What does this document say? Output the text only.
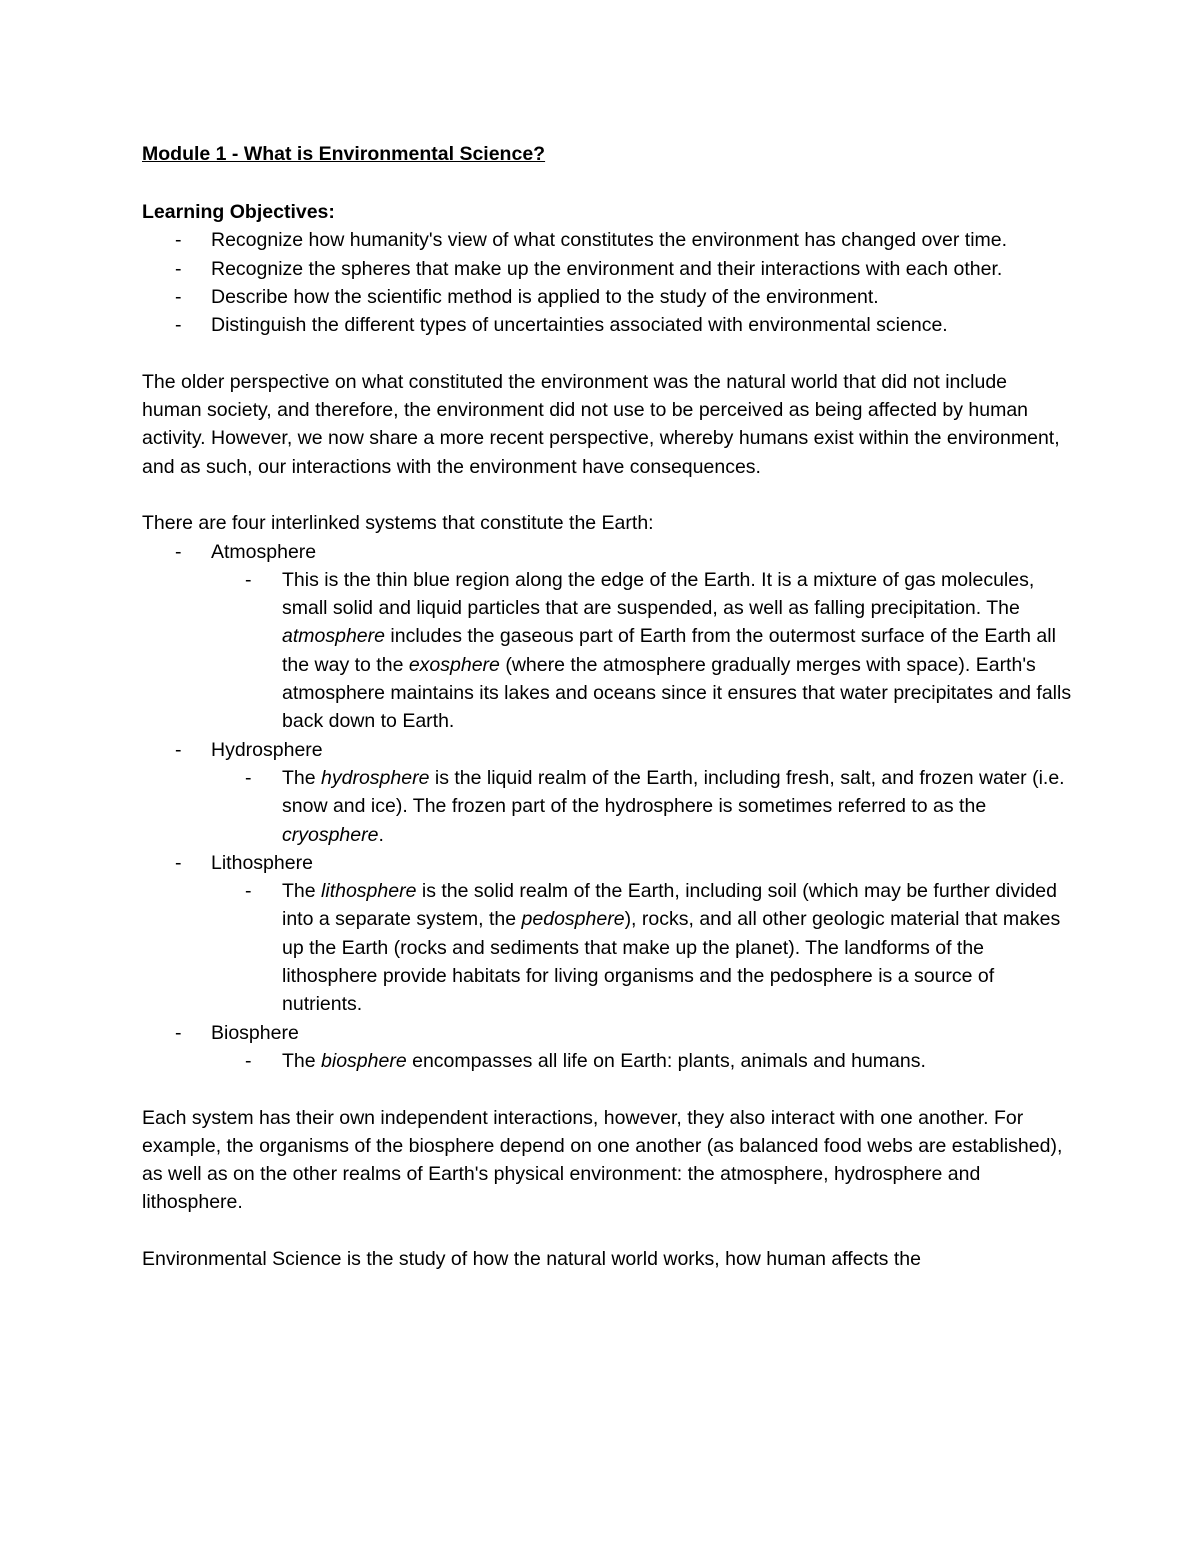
Module 1 - What is Environmental Science?

Learning Objectives:

- Recognize how humanity's view of what constitutes the environment has changed over time.
- Recognize the spheres that make up the environment and their interactions with each other.
- Describe how the scientific method is applied to the study of the environment.
- Distinguish the different types of uncertainties associated with environmental science.

The older perspective on what constituted the environment was the natural world that did not include human society, and therefore, the environment did not use to be perceived as being affected by human activity. However, we now share a more recent perspective, whereby humans exist within the environment, and as such, our interactions with the environment have consequences.

There are four interlinked systems that constitute the Earth:

- Atmosphere
- This is the thin blue region along the edge of the Earth. It is a mixture of gas molecules, small solid and liquid particles that are suspended, as well as falling precipitation. The atmosphere includes the gaseous part of Earth from the outermost surface of the Earth all the way to the exosphere (where the atmosphere gradually merges with space). Earth's atmosphere maintains its lakes and oceans since it ensures that water precipitates and falls back down to Earth.
- Hydrosphere
- The hydrosphere is the liquid realm of the Earth, including fresh, salt, and frozen water (i.e. snow and ice). The frozen part of the hydrosphere is sometimes referred to as the cryosphere.
- Lithosphere
- The lithosphere is the solid realm of the Earth, including soil (which may be further divided into a separate system, the pedosphere), rocks, and all other geologic material that makes up the Earth (rocks and sediments that make up the planet). The landforms of the lithosphere provide habitats for living organisms and the pedosphere is a source of nutrients.
- Biosphere
- The biosphere encompasses all life on Earth: plants, animals and humans.

Each system has their own independent interactions, however, they also interact with one another. For example, the organisms of the biosphere depend on one another (as balanced food webs are established), as well as on the other realms of Earth's physical environment: the atmosphere, hydrosphere and lithosphere.

Environmental Science is the study of how the natural world works, how human affects the
